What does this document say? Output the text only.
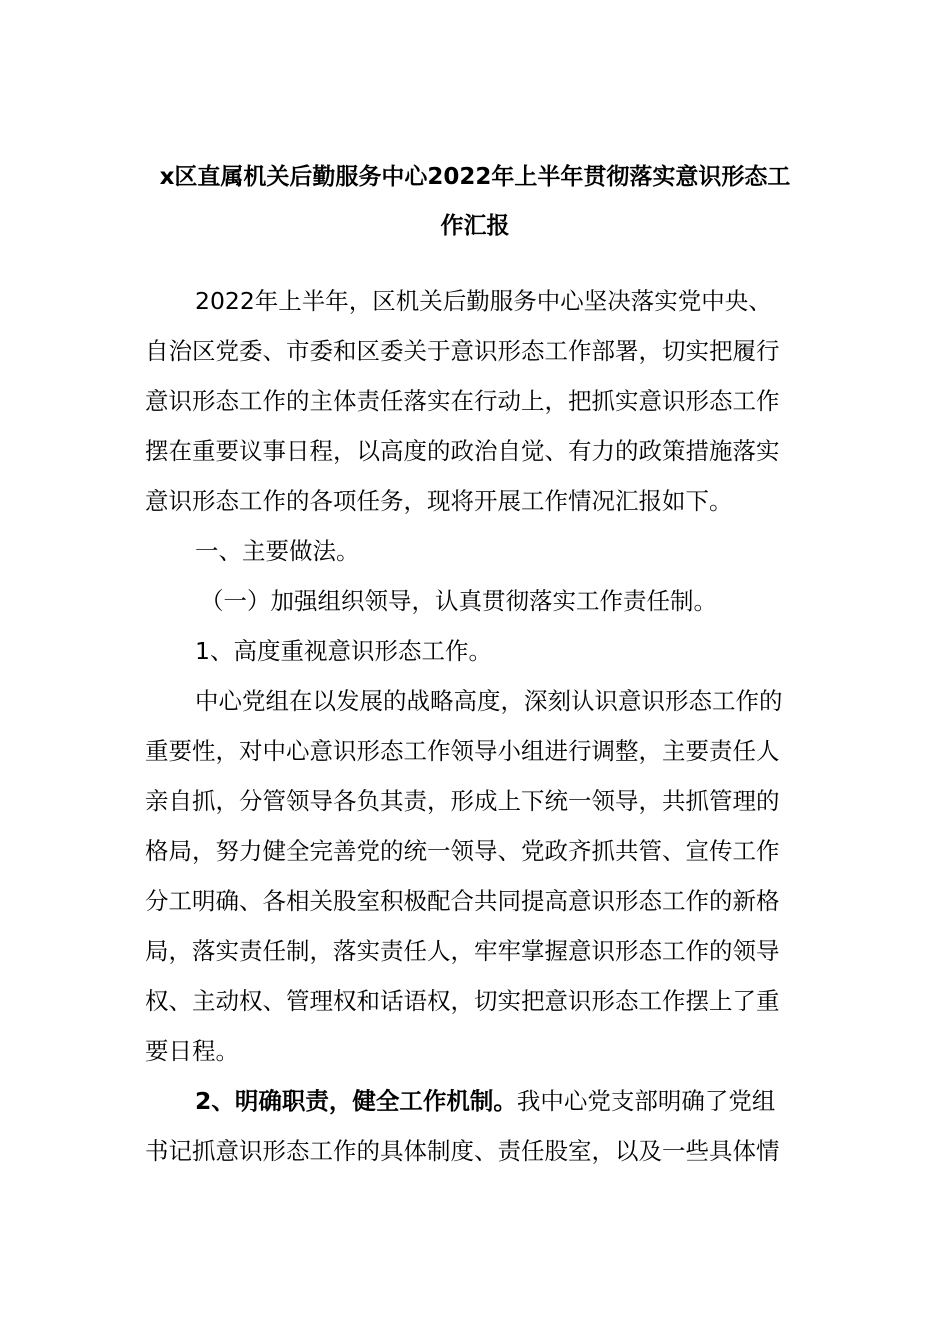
x区直属机关后勤服务中心2022年上半年贯彻落实意识形态工
作汇报
2022年上半年，区机关后勤服务中心坚决落实党中央、
自治区党委、市委和区委关于意识形态工作部署，切实把履行
意识形态工作的主体责任落实在行动上，把抓实意识形态工作
摆在重要议事日程，以高度的政治自觉、有力的政策措施落实
意识形态工作的各项任务，现将开展工作情况汇报如下。
一、主要做法。
（一）加强组织领导，认真贯彻落实工作责任制。
1、高度重视意识形态工作。
中心党组在以发展的战略高度，深刻认识意识形态工作的
重要性，对中心意识形态工作领导小组进行调整，主要责任人
亲自抓，分管领导各负其责，形成上下统一领导，共抓管理的
格局，努力健全完善党的统一领导、党政齐抓共管、宣传工作
分工明确、各相关股室积极配合共同提高意识形态工作的新格
局，落实责任制，落实责任人，牢牢掌握意识形态工作的领导
权、主动权、管理权和话语权，切实把意识形态工作摆上了重
要日程。
2、明确职责，健全工作机制。我中心党支部明确了党组
书记抓意识形态工作的具体制度、责任股室，以及一些具体情
